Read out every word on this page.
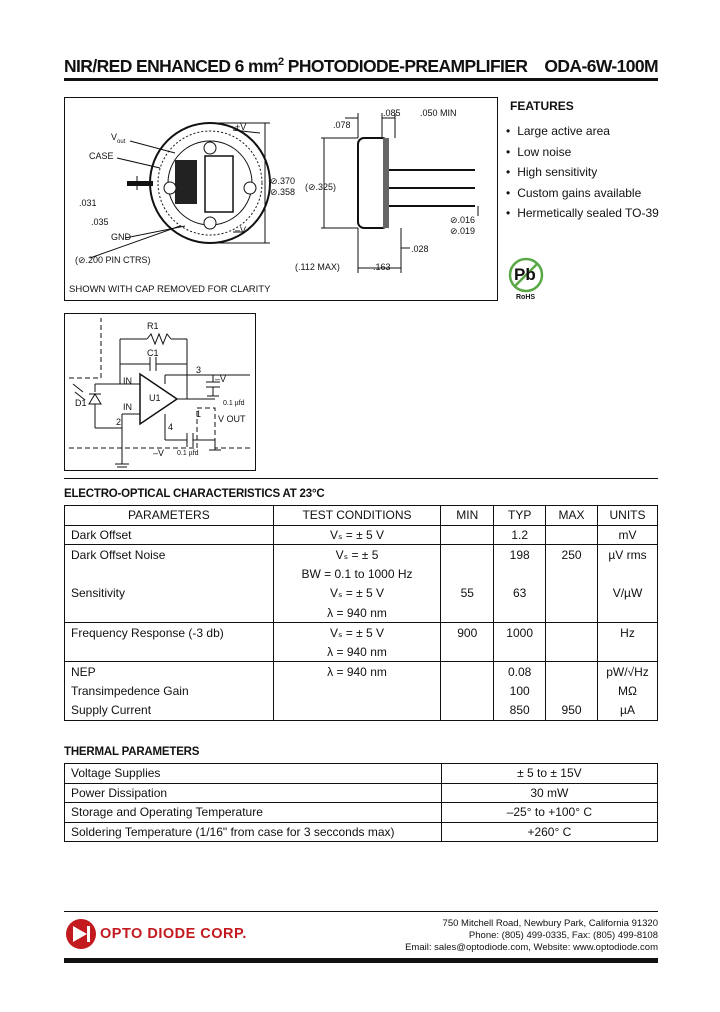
NIR/RED ENHANCED 6 $mm^2$ PHOTODIODE-PREAMPLIFIER ODA-6W-100M
$V_{out}$
+V
CASE
.031
.035
GND
–V
(⊘.200 PIN CTRS)
⊘.370
⊘.358
.078
.085 .050 MIN
(⊘.325)
⊘.016
⊘.019
.028
(.112 MAX)	.163
SHOWN WITH CAP REMOVED FOR CLARITY
FEATURES
• Large active area
• Low noise
• High sensitivity
• Custom gains available
• Hermetically sealed TO-39
Pb
RoHS
R1
C1
D1	U1
IN
IN
2
3
–V
0.1 µfd
1 V OUT
4
–V 0.1 µfd
ELECTRO-OPTICAL CHARACTERISTICS AT 23°C
PARAMETERS	TEST CONDITIONS	MIN	TYP	MAX	UNITS
Dark Offset	Vₛ = ± 5 V		1.2		mV
Dark Offset Noise	Vₛ = ± 5		198	250	µV rms
	BW = 0.1 to 1000 Hz				
Sensitivity	Vₛ = ± 5 V	55	63		V/µW
	λ = 940 nm				
Frequency Response (-3 db)	Vₛ = ± 5 V	900	1000		Hz
	λ = 940 nm				
NEP	λ = 940 nm		0.08		pW/√Hz
Transimpedence Gain			100		MΩ
Supply Current			850	950	µA
THERMAL PARAMETERS
Voltage Supplies	± 5 to ± 15V
Power Dissipation	30 mW
Storage and Operating Temperature	–25° to +100° C
Soldering Temperature (1/16" from case for 3 secconds max)	+260° C
OPTO DIODE CORP.
750 Mitchell Road, Newbury Park, California 91320
Phone: (805) 499-0335, Fax: (805) 499-8108
Email: sales@optodiode.com, Website: www.optodiode.com
